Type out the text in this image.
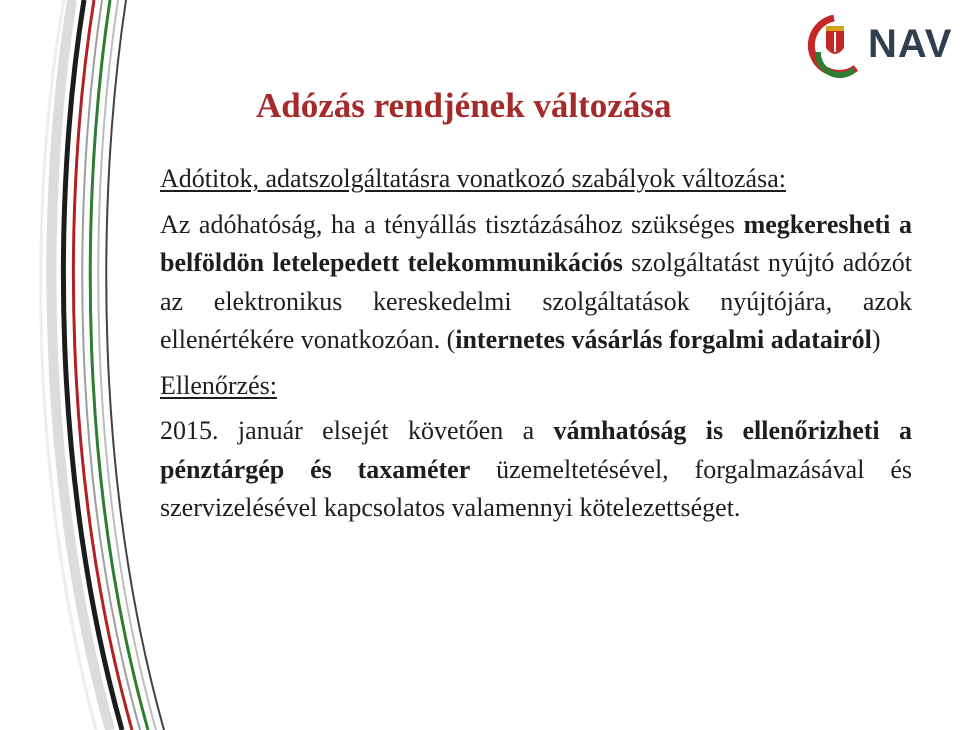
NAV
Adózás rendjének változása

Adótitok, adatszolgáltatásra vonatkozó szabályok változása:

Az adóhatóság, ha a tényállás tisztázásához szükséges megkeresheti a belföldön letelepedett telekommunikációs szolgáltatást nyújtó adózót az elektronikus kereskedelmi szolgáltatások nyújtójára, azok ellenértékére vonatkozóan. (internetes vásárlás forgalmi adatairól)

Ellenőrzés:

2015. január elsejét követően a vámhatóság is ellenőrizheti a pénztárgép és taxaméter üzemeltetésével, forgalmazásával és szervizelésével kapcsolatos valamennyi kötelezettséget.
